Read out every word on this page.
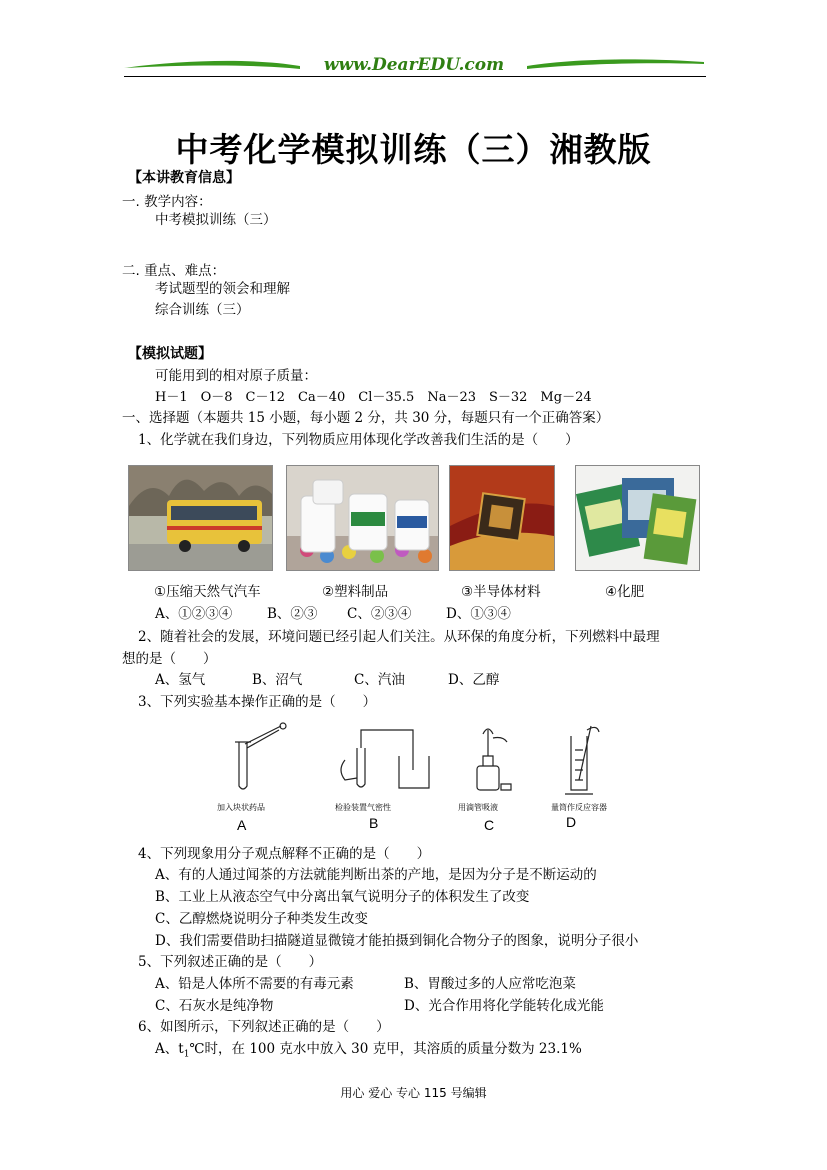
www.DearEDU.com
中考化学模拟训练（三）湘教版
【本讲教育信息】
一. 教学内容：
中考模拟训练（三）
二. 重点、难点：
考试题型的领会和理解
综合训练（三）
【模拟试题】
可能用到的相对原子质量：
H－1　O－8　C－12　Ca－40　Cl－35.5　Na－23　S－32　Mg－24
一、选择题（本题共 15 小题，每小题 2 分，共 30 分，每题只有一个正确答案）
1、化学就在我们身边，下列物质应用体现化学改善我们生活的是（　　）
①压缩天然气汽车	②塑料制品	③半导体材料	④化肥
A、①②③④	B、②③ C、②③④	D、①③④
2、随着社会的发展，环境问题已经引起人们关注。从环保的角度分析，下列燃料中最理
想的是（　　）
A、氢气	B、沼气	C、汽油	D、乙醇
3、下列实验基本操作正确的是（　　）
加入块状药品	检验装置气密性	用滴管吸液	量筒作反应容器
A	B	C	D
4、下列现象用分子观点解释不正确的是（　　）
A、有的人通过闻茶的方法就能判断出茶的产地，是因为分子是不断运动的
B、工业上从液态空气中分离出氧气说明分子的体积发生了改变
C、乙醇燃烧说明分子种类发生改变
D、我们需要借助扫描隧道显微镜才能拍摄到铜化合物分子的图象，说明分子很小
5、下列叙述正确的是（　　）
A、铅是人体所不需要的有毒元素	B、胃酸过多的人应常吃泡菜
C、石灰水是纯净物	D、光合作用将化学能转化成光能
6、如图所示，下列叙述正确的是（　　）
A、$t_1℃$时，在 100 克水中放入 30 克甲，其溶质的质量分数为 23.1%
用心 爱心 专心 115 号编辑
